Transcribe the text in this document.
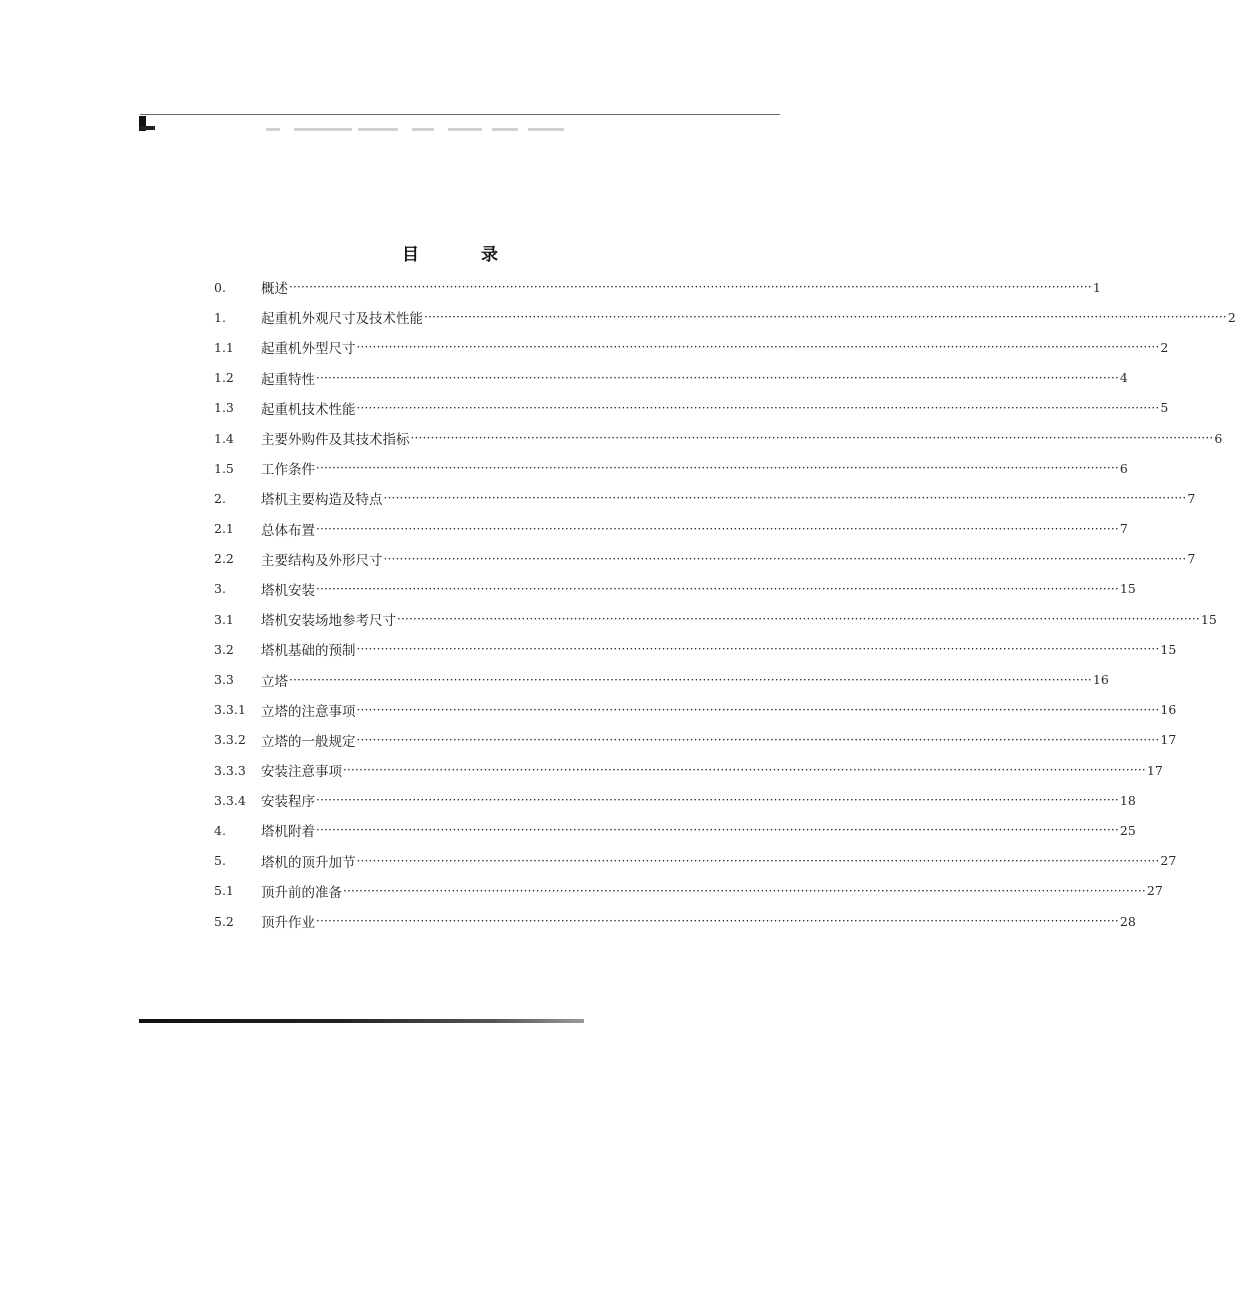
目 录
0.	概述 ········································································································································································································ 1
1.	起重机外观尺寸及技术性能 ········································································································································································································ 2
1.1	起重机外型尺寸 ········································································································································································································ 2
1.2	起重特性 ········································································································································································································ 4
1.3	起重机技术性能 ········································································································································································································ 5
1.4	主要外购件及其技术指标 ········································································································································································································ 6
1.5	工作条件 ········································································································································································································ 6
2.	塔机主要构造及特点 ········································································································································································································ 7
2.1	总体布置 ········································································································································································································ 7
2.2	主要结构及外形尺寸 ········································································································································································································ 7
3.	塔机安装 ········································································································································································································ 15
3.1	塔机安装场地参考尺寸 ········································································································································································································ 15
3.2	塔机基础的预制 ········································································································································································································ 15
3.3	立塔 ········································································································································································································ 16
3.3.1	立塔的注意事项 ········································································································································································································ 16
3.3.2	立塔的一般规定 ········································································································································································································ 17
3.3.3	安装注意事项 ········································································································································································································ 17
3.3.4	安装程序 ········································································································································································································ 18
4.	塔机附着 ········································································································································································································ 25
5.	塔机的顶升加节 ········································································································································································································ 27
5.1	顶升前的准备 ········································································································································································································ 27
5.2	顶升作业 ········································································································································································································ 28
